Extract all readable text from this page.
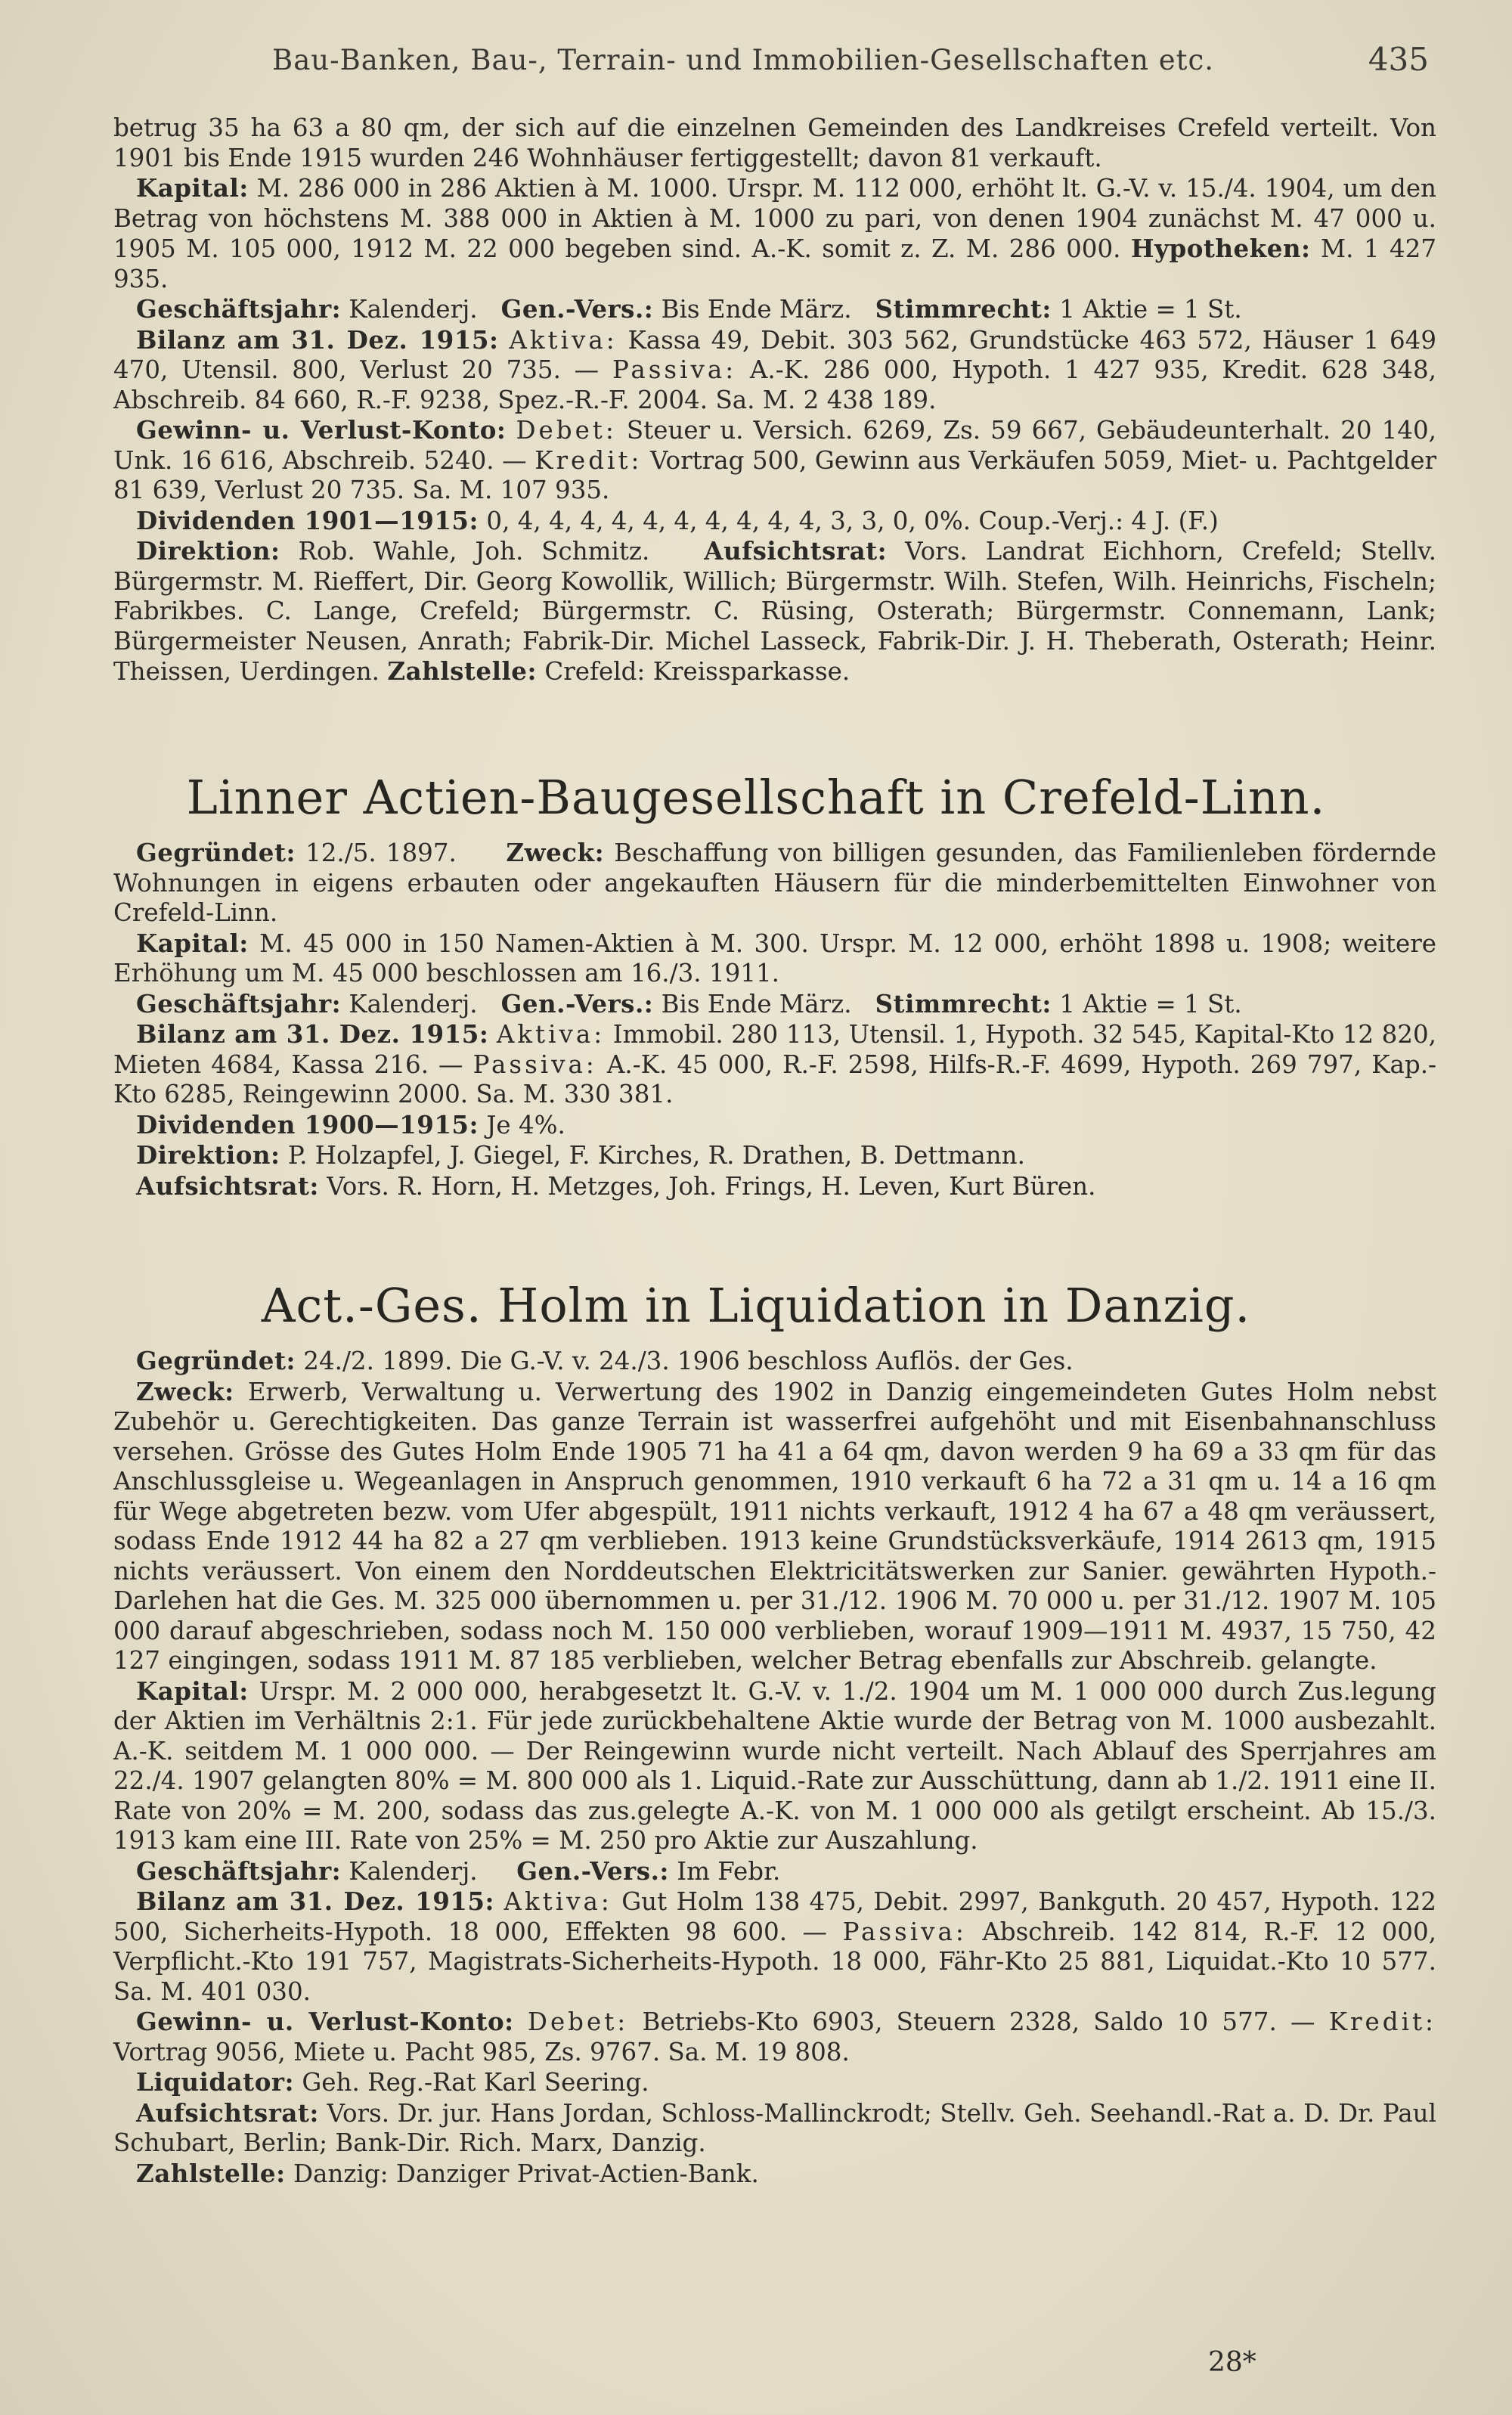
Bau-Banken, Bau-, Terrain- und Immobilien-Gesellschaften etc.	435

betrug 35 ha 63 a 80 qm, der sich auf die einzelnen Gemeinden des Landkreises Crefeld verteilt. Von 1901 bis Ende 1915 wurden 246 Wohnhäuser fertiggestellt; davon 81 verkauft.

Kapital: M. 286 000 in 286 Aktien à M. 1000. Urspr. M. 112 000, erhöht lt. G.-V. v. 15./4. 1904, um den Betrag von höchstens M. 388 000 in Aktien à M. 1000 zu pari, von denen 1904 zunächst M. 47 000 u. 1905 M. 105 000, 1912 M. 22 000 begeben sind. A.-K. somit z. Z. M. 286 000. Hypotheken: M. 1 427 935.

Geschäftsjahr: Kalenderj. Gen.-Vers.: Bis Ende März. Stimmrecht: 1 Aktie = 1 St.

Bilanz am 31. Dez. 1915: Aktiva: Kassa 49, Debit. 303 562, Grundstücke 463 572, Häuser 1 649 470, Utensil. 800, Verlust 20 735. — Passiva: A.-K. 286 000, Hypoth. 1 427 935, Kredit. 628 348, Abschreib. 84 660, R.-F. 9238, Spez.-R.-F. 2004. Sa. M. 2 438 189.

Gewinn- u. Verlust-Konto: Debet: Steuer u. Versich. 6269, Zs. 59 667, Gebäudeunterhalt. 20 140, Unk. 16 616, Abschreib. 5240. — Kredit: Vortrag 500, Gewinn aus Verkäufen 5059, Miet- u. Pachtgelder 81 639, Verlust 20 735. Sa. M. 107 935.

Dividenden 1901—1915: 0, 4, 4, 4, 4, 4, 4, 4, 4, 4, 4, 3, 3, 0, 0%. Coup.-Verj.: 4 J. (F.)

Direktion: Rob. Wahle, Joh. Schmitz. Aufsichtsrat: Vors. Landrat Eichhorn, Crefeld; Stellv. Bürgermstr. M. Rieffert, Dir. Georg Kowollik, Willich; Bürgermstr. Wilh. Stefen, Wilh. Heinrichs, Fischeln; Fabrikbes. C. Lange, Crefeld; Bürgermstr. C. Rüsing, Osterath; Bürgermstr. Connemann, Lank; Bürgermeister Neusen, Anrath; Fabrik-Dir. Michel Lasseck, Fabrik-Dir. J. H. Theberath, Osterath; Heinr. Theissen, Uerdingen. Zahlstelle: Crefeld: Kreissparkasse.

Linner Actien-Baugesellschaft in Crefeld-Linn.

Gegründet: 12./5. 1897. Zweck: Beschaffung von billigen gesunden, das Familienleben fördernde Wohnungen in eigens erbauten oder angekauften Häusern für die minderbemittelten Einwohner von Crefeld-Linn.

Kapital: M. 45 000 in 150 Namen-Aktien à M. 300. Urspr. M. 12 000, erhöht 1898 u. 1908; weitere Erhöhung um M. 45 000 beschlossen am 16./3. 1911.

Geschäftsjahr: Kalenderj. Gen.-Vers.: Bis Ende März. Stimmrecht: 1 Aktie = 1 St.

Bilanz am 31. Dez. 1915: Aktiva: Immobil. 280 113, Utensil. 1, Hypoth. 32 545, Kapital-Kto 12 820, Mieten 4684, Kassa 216. — Passiva: A.-K. 45 000, R.-F. 2598, Hilfs-R.-F. 4699, Hypoth. 269 797, Kap.-Kto 6285, Reingewinn 2000. Sa. M. 330 381.

Dividenden 1900—1915: Je 4%.

Direktion: P. Holzapfel, J. Giegel, F. Kirches, R. Drathen, B. Dettmann.

Aufsichtsrat: Vors. R. Horn, H. Metzges, Joh. Frings, H. Leven, Kurt Büren.

Act.-Ges. Holm in Liquidation in Danzig.

Gegründet: 24./2. 1899. Die G.-V. v. 24./3. 1906 beschloss Auflös. der Ges.

Zweck: Erwerb, Verwaltung u. Verwertung des 1902 in Danzig eingemeindeten Gutes Holm nebst Zubehör u. Gerechtigkeiten. Das ganze Terrain ist wasserfrei aufgehöht und mit Eisenbahnanschluss versehen. Grösse des Gutes Holm Ende 1905 71 ha 41 a 64 qm, davon werden 9 ha 69 a 33 qm für das Anschlussgleise u. Wegeanlagen in Anspruch genommen, 1910 verkauft 6 ha 72 a 31 qm u. 14 a 16 qm für Wege abgetreten bezw. vom Ufer abgespült, 1911 nichts verkauft, 1912 4 ha 67 a 48 qm veräussert, sodass Ende 1912 44 ha 82 a 27 qm verblieben. 1913 keine Grundstücksverkäufe, 1914 2613 qm, 1915 nichts veräussert. Von einem den Norddeutschen Elektricitätswerken zur Sanier. gewährten Hypoth.-Darlehen hat die Ges. M. 325 000 übernommen u. per 31./12. 1906 M. 70 000 u. per 31./12. 1907 M. 105 000 darauf abgeschrieben, sodass noch M. 150 000 verblieben, worauf 1909—1911 M. 4937, 15 750, 42 127 eingingen, sodass 1911 M. 87 185 verblieben, welcher Betrag ebenfalls zur Abschreib. gelangte.

Kapital: Urspr. M. 2 000 000, herabgesetzt lt. G.-V. v. 1./2. 1904 um M. 1 000 000 durch Zus.legung der Aktien im Verhältnis 2:1. Für jede zurückbehaltene Aktie wurde der Betrag von M. 1000 ausbezahlt. A.-K. seitdem M. 1 000 000. — Der Reingewinn wurde nicht verteilt. Nach Ablauf des Sperrjahres am 22./4. 1907 gelangten 80% = M. 800 000 als 1. Liquid.-Rate zur Ausschüttung, dann ab 1./2. 1911 eine II. Rate von 20% = M. 200, sodass das zus.gelegte A.-K. von M. 1 000 000 als getilgt erscheint. Ab 15./3. 1913 kam eine III. Rate von 25% = M. 250 pro Aktie zur Auszahlung.

Geschäftsjahr: Kalenderj. Gen.-Vers.: Im Febr.

Bilanz am 31. Dez. 1915: Aktiva: Gut Holm 138 475, Debit. 2997, Bankguth. 20 457, Hypoth. 122 500, Sicherheits-Hypoth. 18 000, Effekten 98 600. — Passiva: Abschreib. 142 814, R.-F. 12 000, Verpflicht.-Kto 191 757, Magistrats-Sicherheits-Hypoth. 18 000, Fähr-Kto 25 881, Liquidat.-Kto 10 577. Sa. M. 401 030.

Gewinn- u. Verlust-Konto: Debet: Betriebs-Kto 6903, Steuern 2328, Saldo 10 577. — Kredit: Vortrag 9056, Miete u. Pacht 985, Zs. 9767. Sa. M. 19 808.

Liquidator: Geh. Reg.-Rat Karl Seering.

Aufsichtsrat: Vors. Dr. jur. Hans Jordan, Schloss-Mallinckrodt; Stellv. Geh. Seehandl.-Rat a. D. Dr. Paul Schubart, Berlin; Bank-Dir. Rich. Marx, Danzig.

Zahlstelle: Danzig: Danziger Privat-Actien-Bank.

28*
